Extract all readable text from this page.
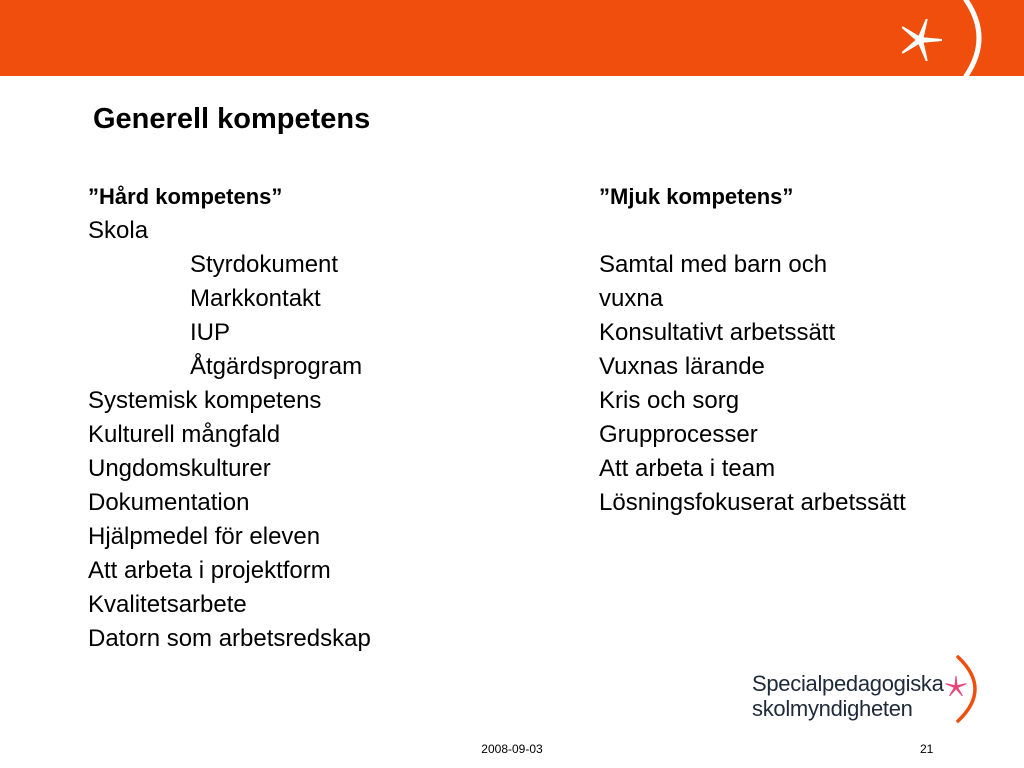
Generell kompetens
”Hård kompetens”
Skola
Styrdokument
Markkontakt
IUP
Åtgärdsprogram
Systemisk kompetens
Kulturell mångfald
Ungdomskulturer
Dokumentation
Hjälpmedel för eleven
Att arbeta i projektform
Kvalitetsarbete
Datorn som arbetsredskap
”Mjuk kompetens”
Samtal med barn och
vuxna
Konsultativt arbetssätt
Vuxnas lärande
Kris och sorg
Grupprocesser
Att arbeta i team
Lösningsfokuserat arbetssätt
Specialpedagogiska
skolmyndigheten
2008-09-03	21
